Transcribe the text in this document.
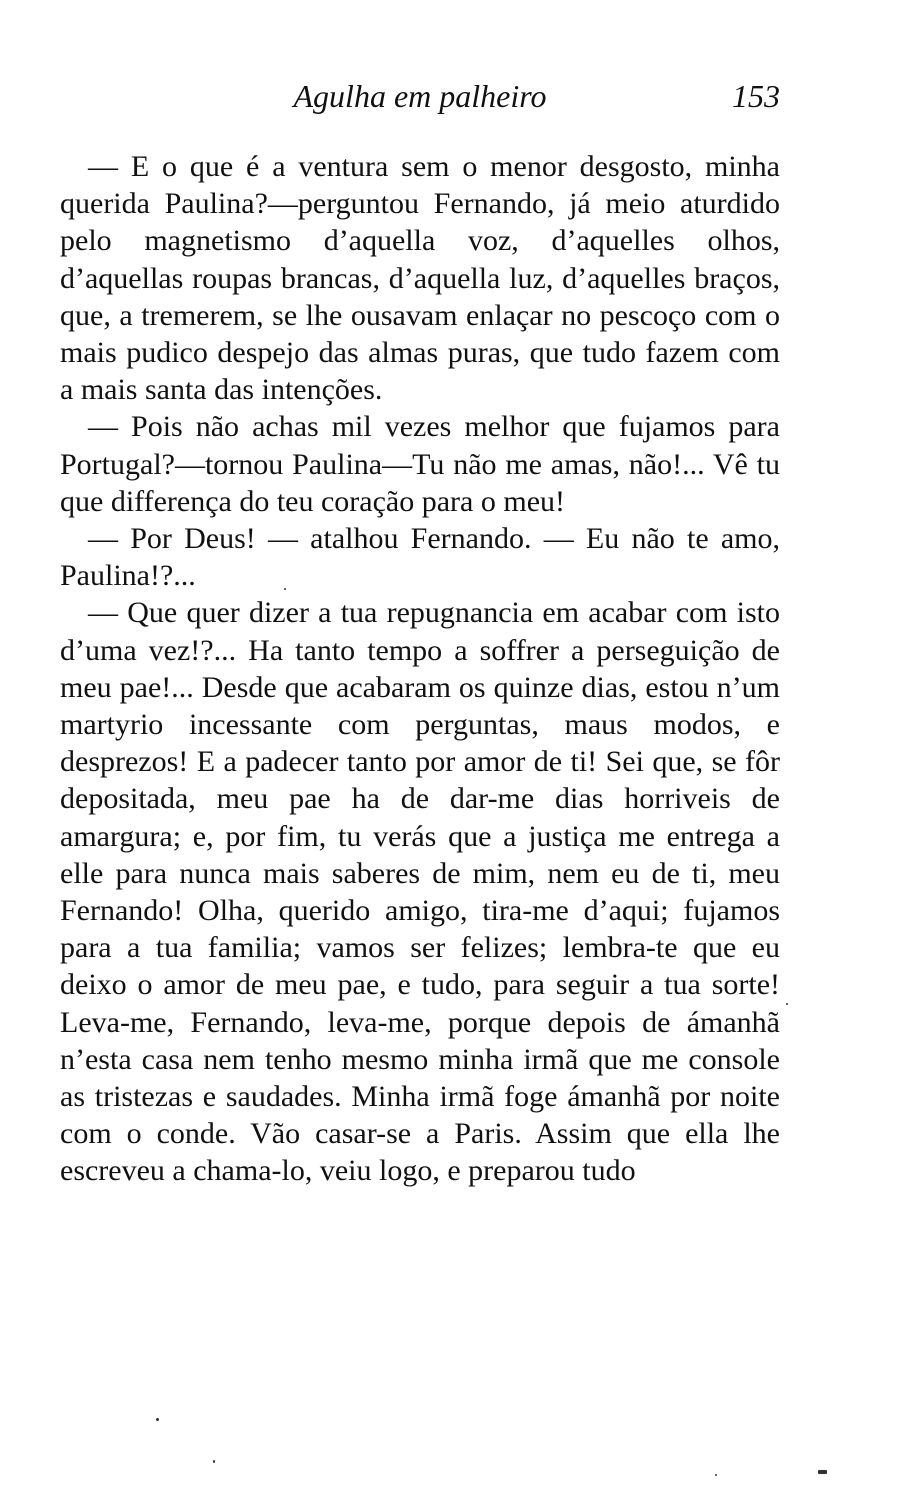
Agulha em palheiro	153

— E o que é a ventura sem o menor desgosto, minha querida Paulina?—perguntou Fernando, já meio aturdido pelo magnetismo d’aquella voz, d’aquelles olhos, d’aquellas roupas brancas, d’aquella luz, d’aquelles braços, que, a tremerem, se lhe ousavam enlaçar no pescoço com o mais pudico despejo das almas puras, que tudo fazem com a mais santa das intenções.

— Pois não achas mil vezes melhor que fujamos para Portugal?—tornou Paulina—Tu não me amas, não!... Vê tu que differença do teu coração para o meu!

— Por Deus! — atalhou Fernando. — Eu não te amo, Paulina!?...

— Que quer dizer a tua repugnancia em acabar com isto d’uma vez!?... Ha tanto tempo a soffrer a perseguição de meu pae!... Desde que acabaram os quinze dias, estou n’um martyrio incessante com perguntas, maus modos, e desprezos! E a padecer tanto por amor de ti! Sei que, se fôr depositada, meu pae ha de dar-me dias horriveis de amargura; e, por fim, tu verás que a justiça me entrega a elle para nunca mais saberes de mim, nem eu de ti, meu Fernando! Olha, querido amigo, tira-me d’aqui; fujamos para a tua familia; vamos ser felizes; lembra-te que eu deixo o amor de meu pae, e tudo, para seguir a tua sorte! Leva-me, Fernando, leva-me, porque depois de ámanhã n’esta casa nem tenho mesmo minha irmã que me console as tristezas e saudades. Minha irmã foge ámanhã por noite com o conde. Vão casar-se a Paris. Assim que ella lhe escreveu a chama-lo, veiu logo, e preparou tudo
